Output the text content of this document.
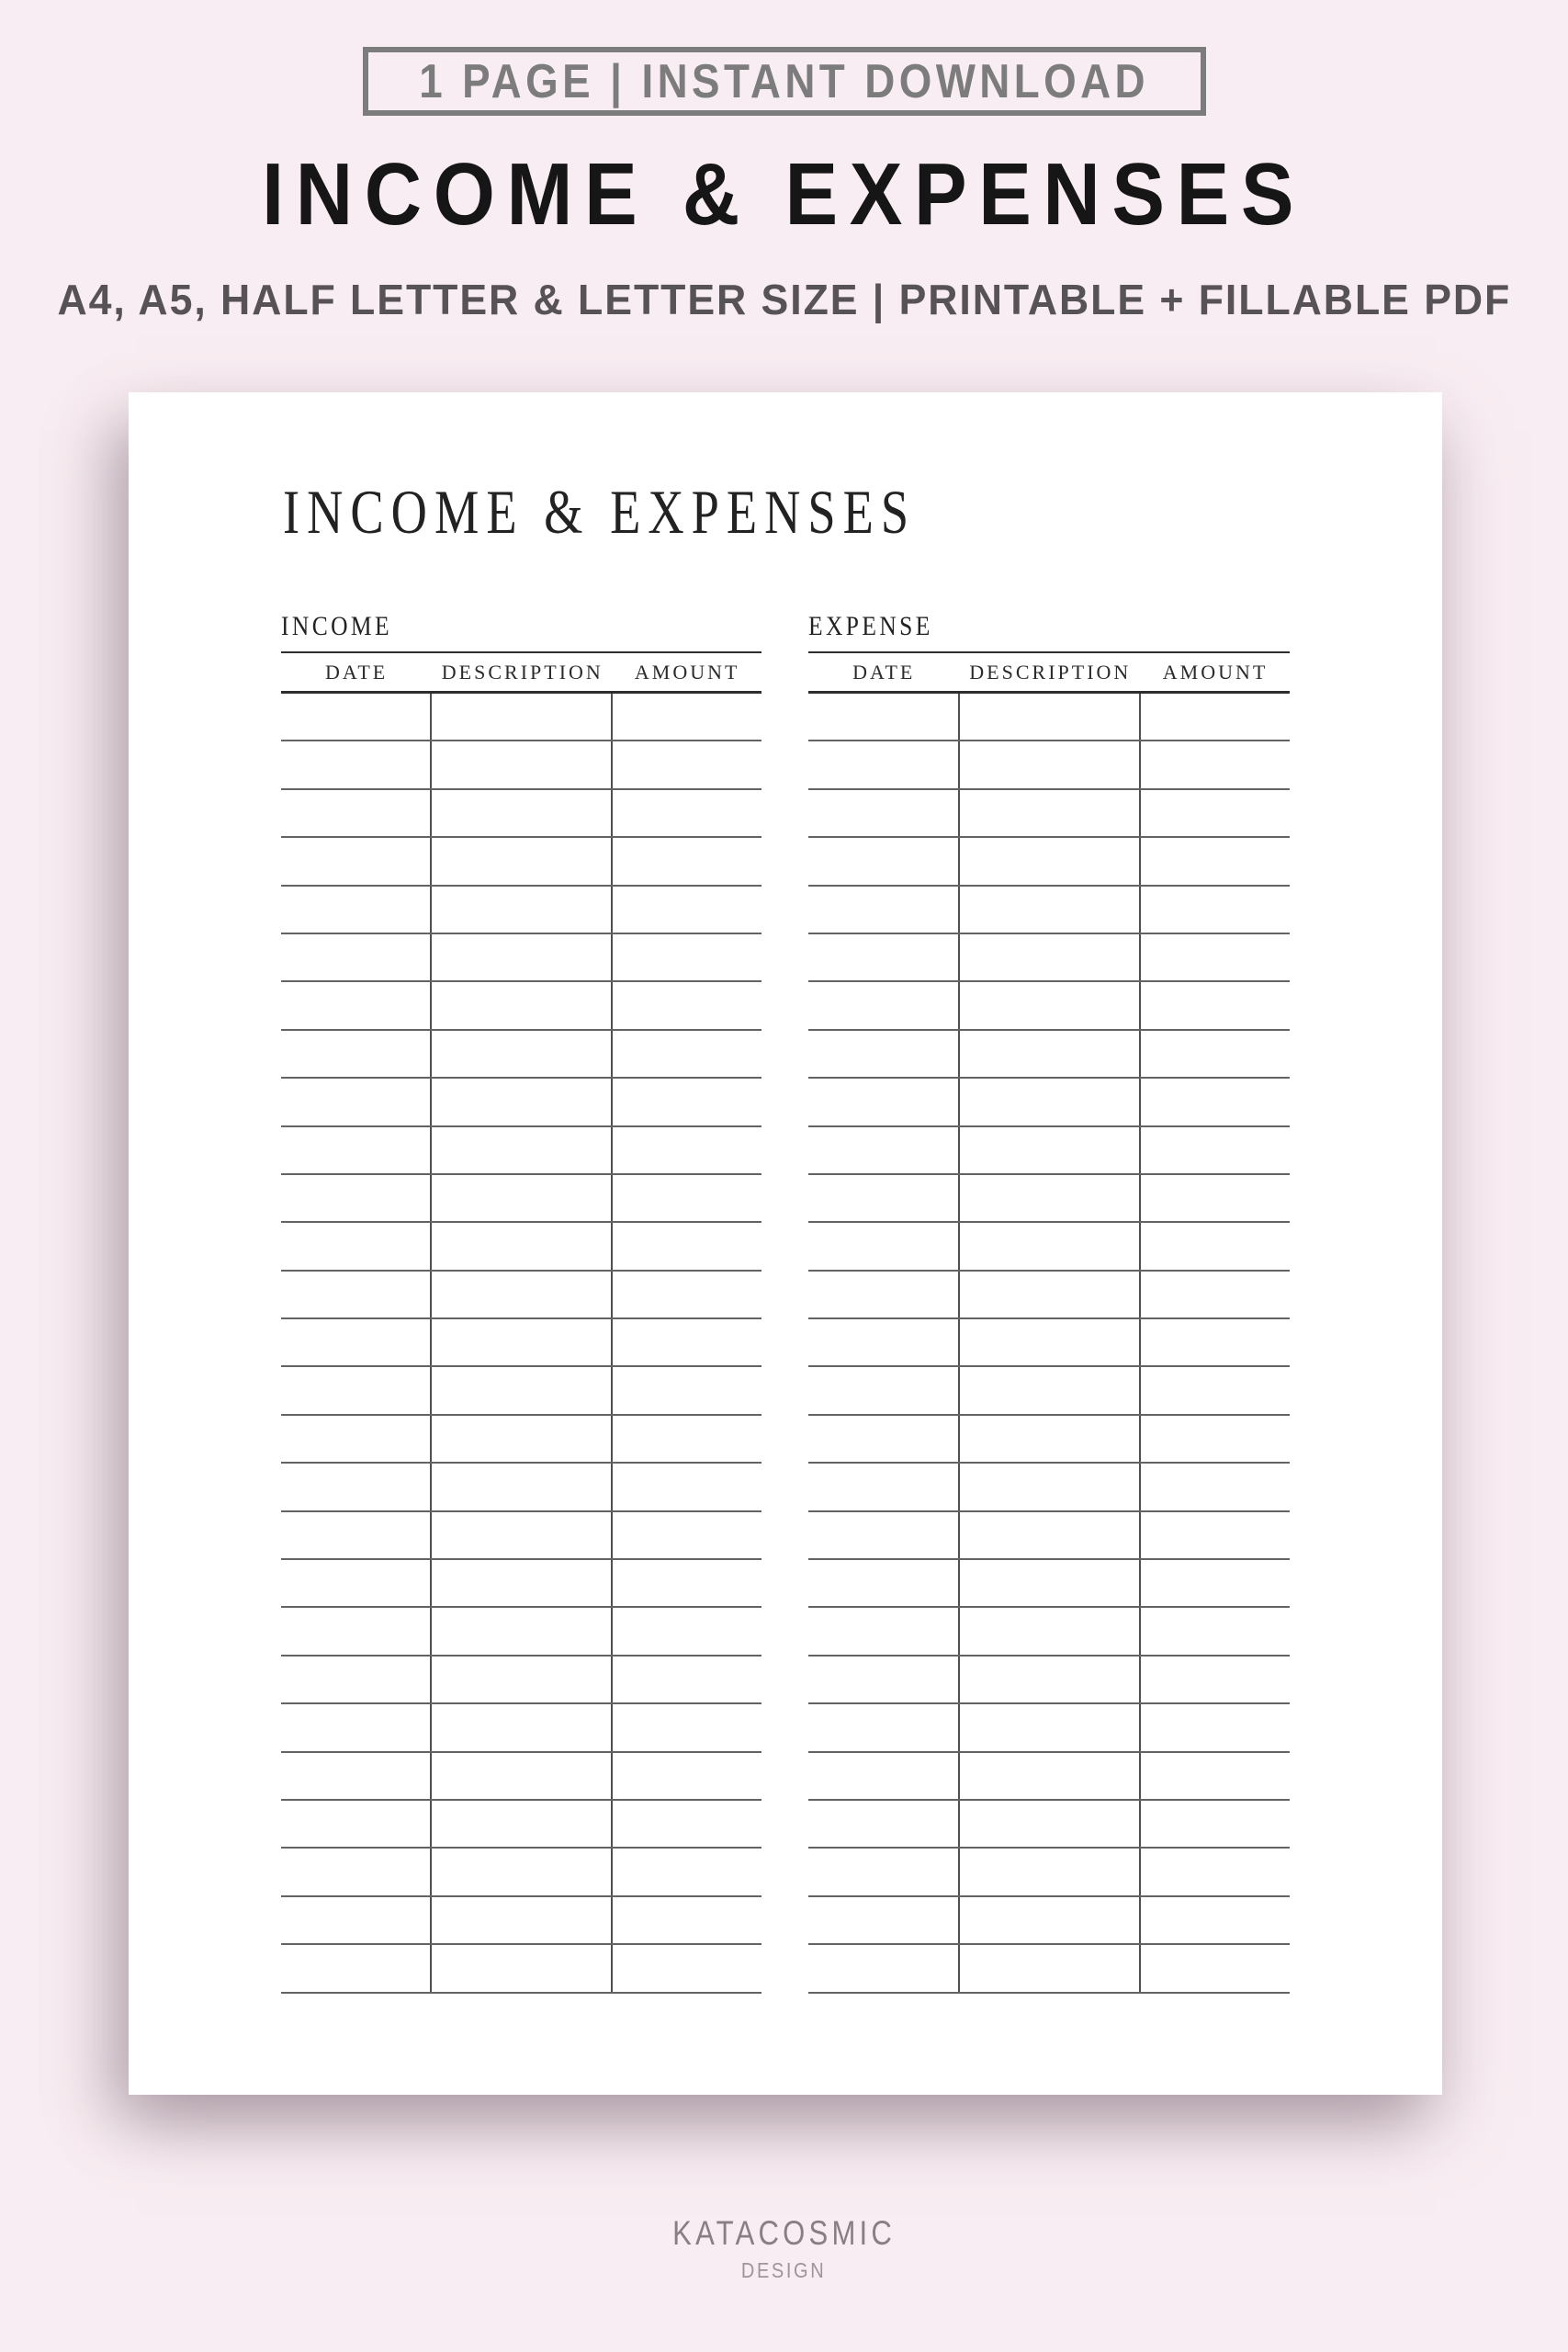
1 PAGE | INSTANT DOWNLOAD
INCOME & EXPENSES
A4, A5, HALF LETTER & LETTER SIZE | PRINTABLE + FILLABLE PDF
INCOME & EXPENSES
INCOME
DATE	DESCRIPTION	AMOUNT
EXPENSE
DATE	DESCRIPTION	AMOUNT
KATACOSMIC
DESIGN
